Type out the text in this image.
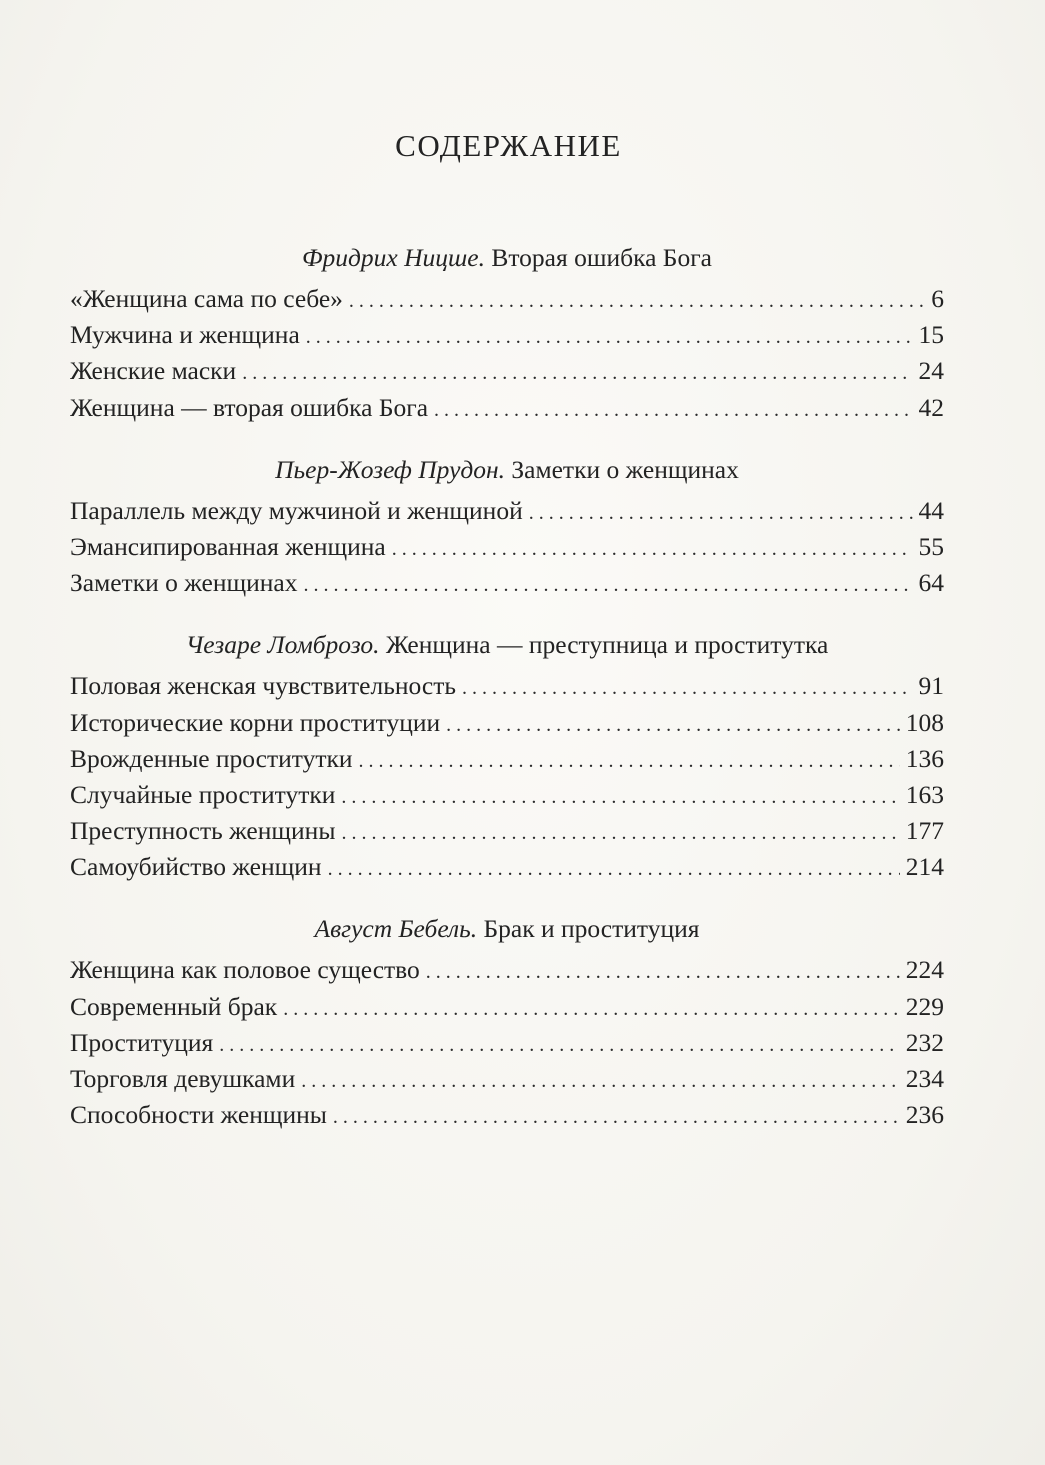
СОДЕРЖАНИЕ
Фридрих Ницше. Вторая ошибка Бога
«Женщина сама по себе» . . .	6
Мужчина и женщина . . .	15
Женские маски . . .	24
Женщина — вторая ошибка Бога . . .	42
Пьер-Жозеф Прудон. Заметки о женщинах
Параллель между мужчиной и женщиной . . .	44
Эмансипированная женщина . . .	55
Заметки о женщинах . . .	64
Чезаре Ломброзо. Женщина — преступница и проститутка
Половая женская чувствительность . . .	91
Исторические корни проституции . . .	108
Врожденные проститутки . . .	136
Случайные проститутки . . .	163
Преступность женщины . . .	177
Самоубийство женщин . . .	214
Август Бебель. Брак и проституция
Женщина как половое существо . . .	224
Современный брак . . .	229
Проституция . . .	232
Торговля девушками . . .	234
Способности женщины . . .	236
